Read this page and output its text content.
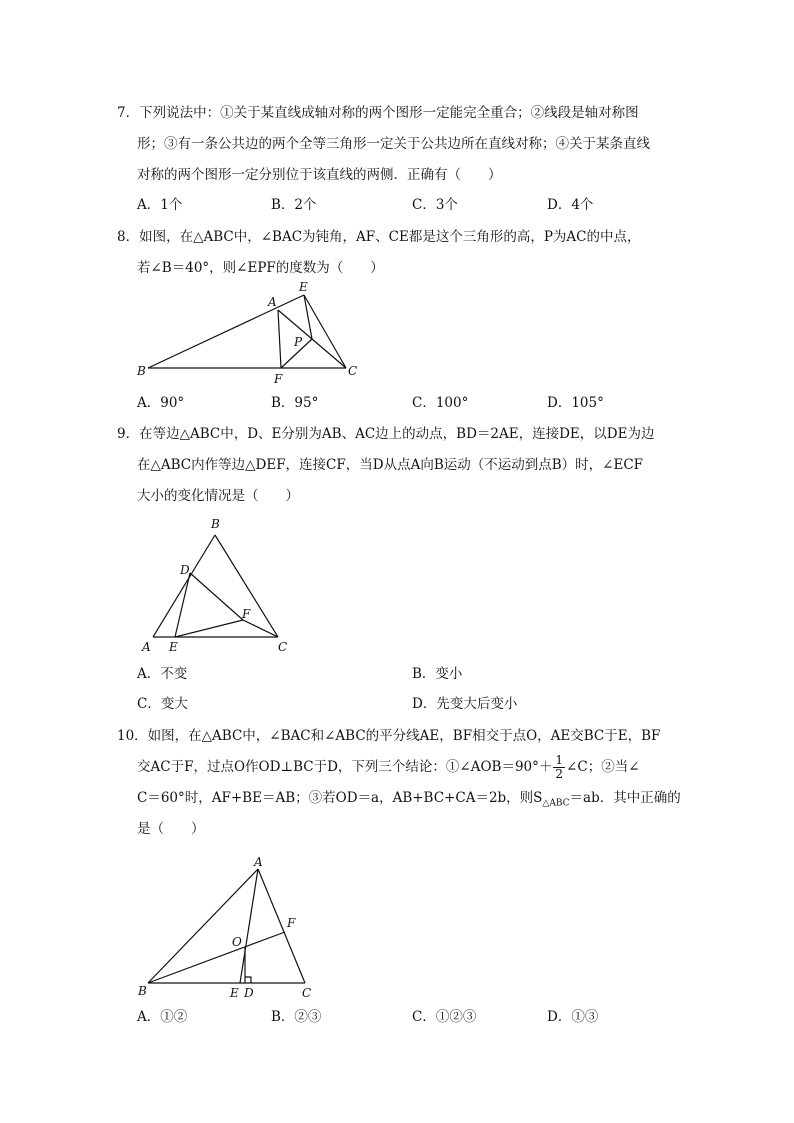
7．下列说法中：①关于某直线成轴对称的两个图形一定能完全重合；②线段是轴对称图
形；③有一条公共边的两个全等三角形一定关于公共边所在直线对称；④关于某条直线
对称的两个图形一定分别位于该直线的两侧．正确有（　　）
A．1个	B．2个	C．3个	D．4个
8．如图，在△ABC中，∠BAC为钝角，AF、CE都是这个三角形的高，P为AC的中点，
若∠B＝40°，则∠EPF的度数为（　　）
A
E
P
B
F
C
A．90°	B．95°	C．100°	D．105°
9．在等边△ABC中，D、E分别为AB、AC边上的动点，BD＝2AE，连接DE，以DE为边
在△ABC内作等边△DEF，连接CF，当D从点A向B运动（不运动到点B）时，∠ECF
大小的变化情况是（　　）
B
D
F
A E	C
A．不变	B．变小
C．变大	D．先变大后变小
10．如图，在△ABC中，∠BAC和∠ABC的平分线AE，BF相交于点O，AE交BC于E，BF
交AC于F，过点O作OD⊥BC于D，下列三个结论：①∠AOB＝90°＋ $\frac{1}{2}$ ∠C；②当∠
C＝60°时，AF+BE＝AB；③若OD＝a，AB+BC+CA＝2b，则$S_{\triangle ABC}=ab$．其中正确的
是（　　）
A
F
O
B	E D	C
A．①②	B．②③	C．①②③	D．①③
